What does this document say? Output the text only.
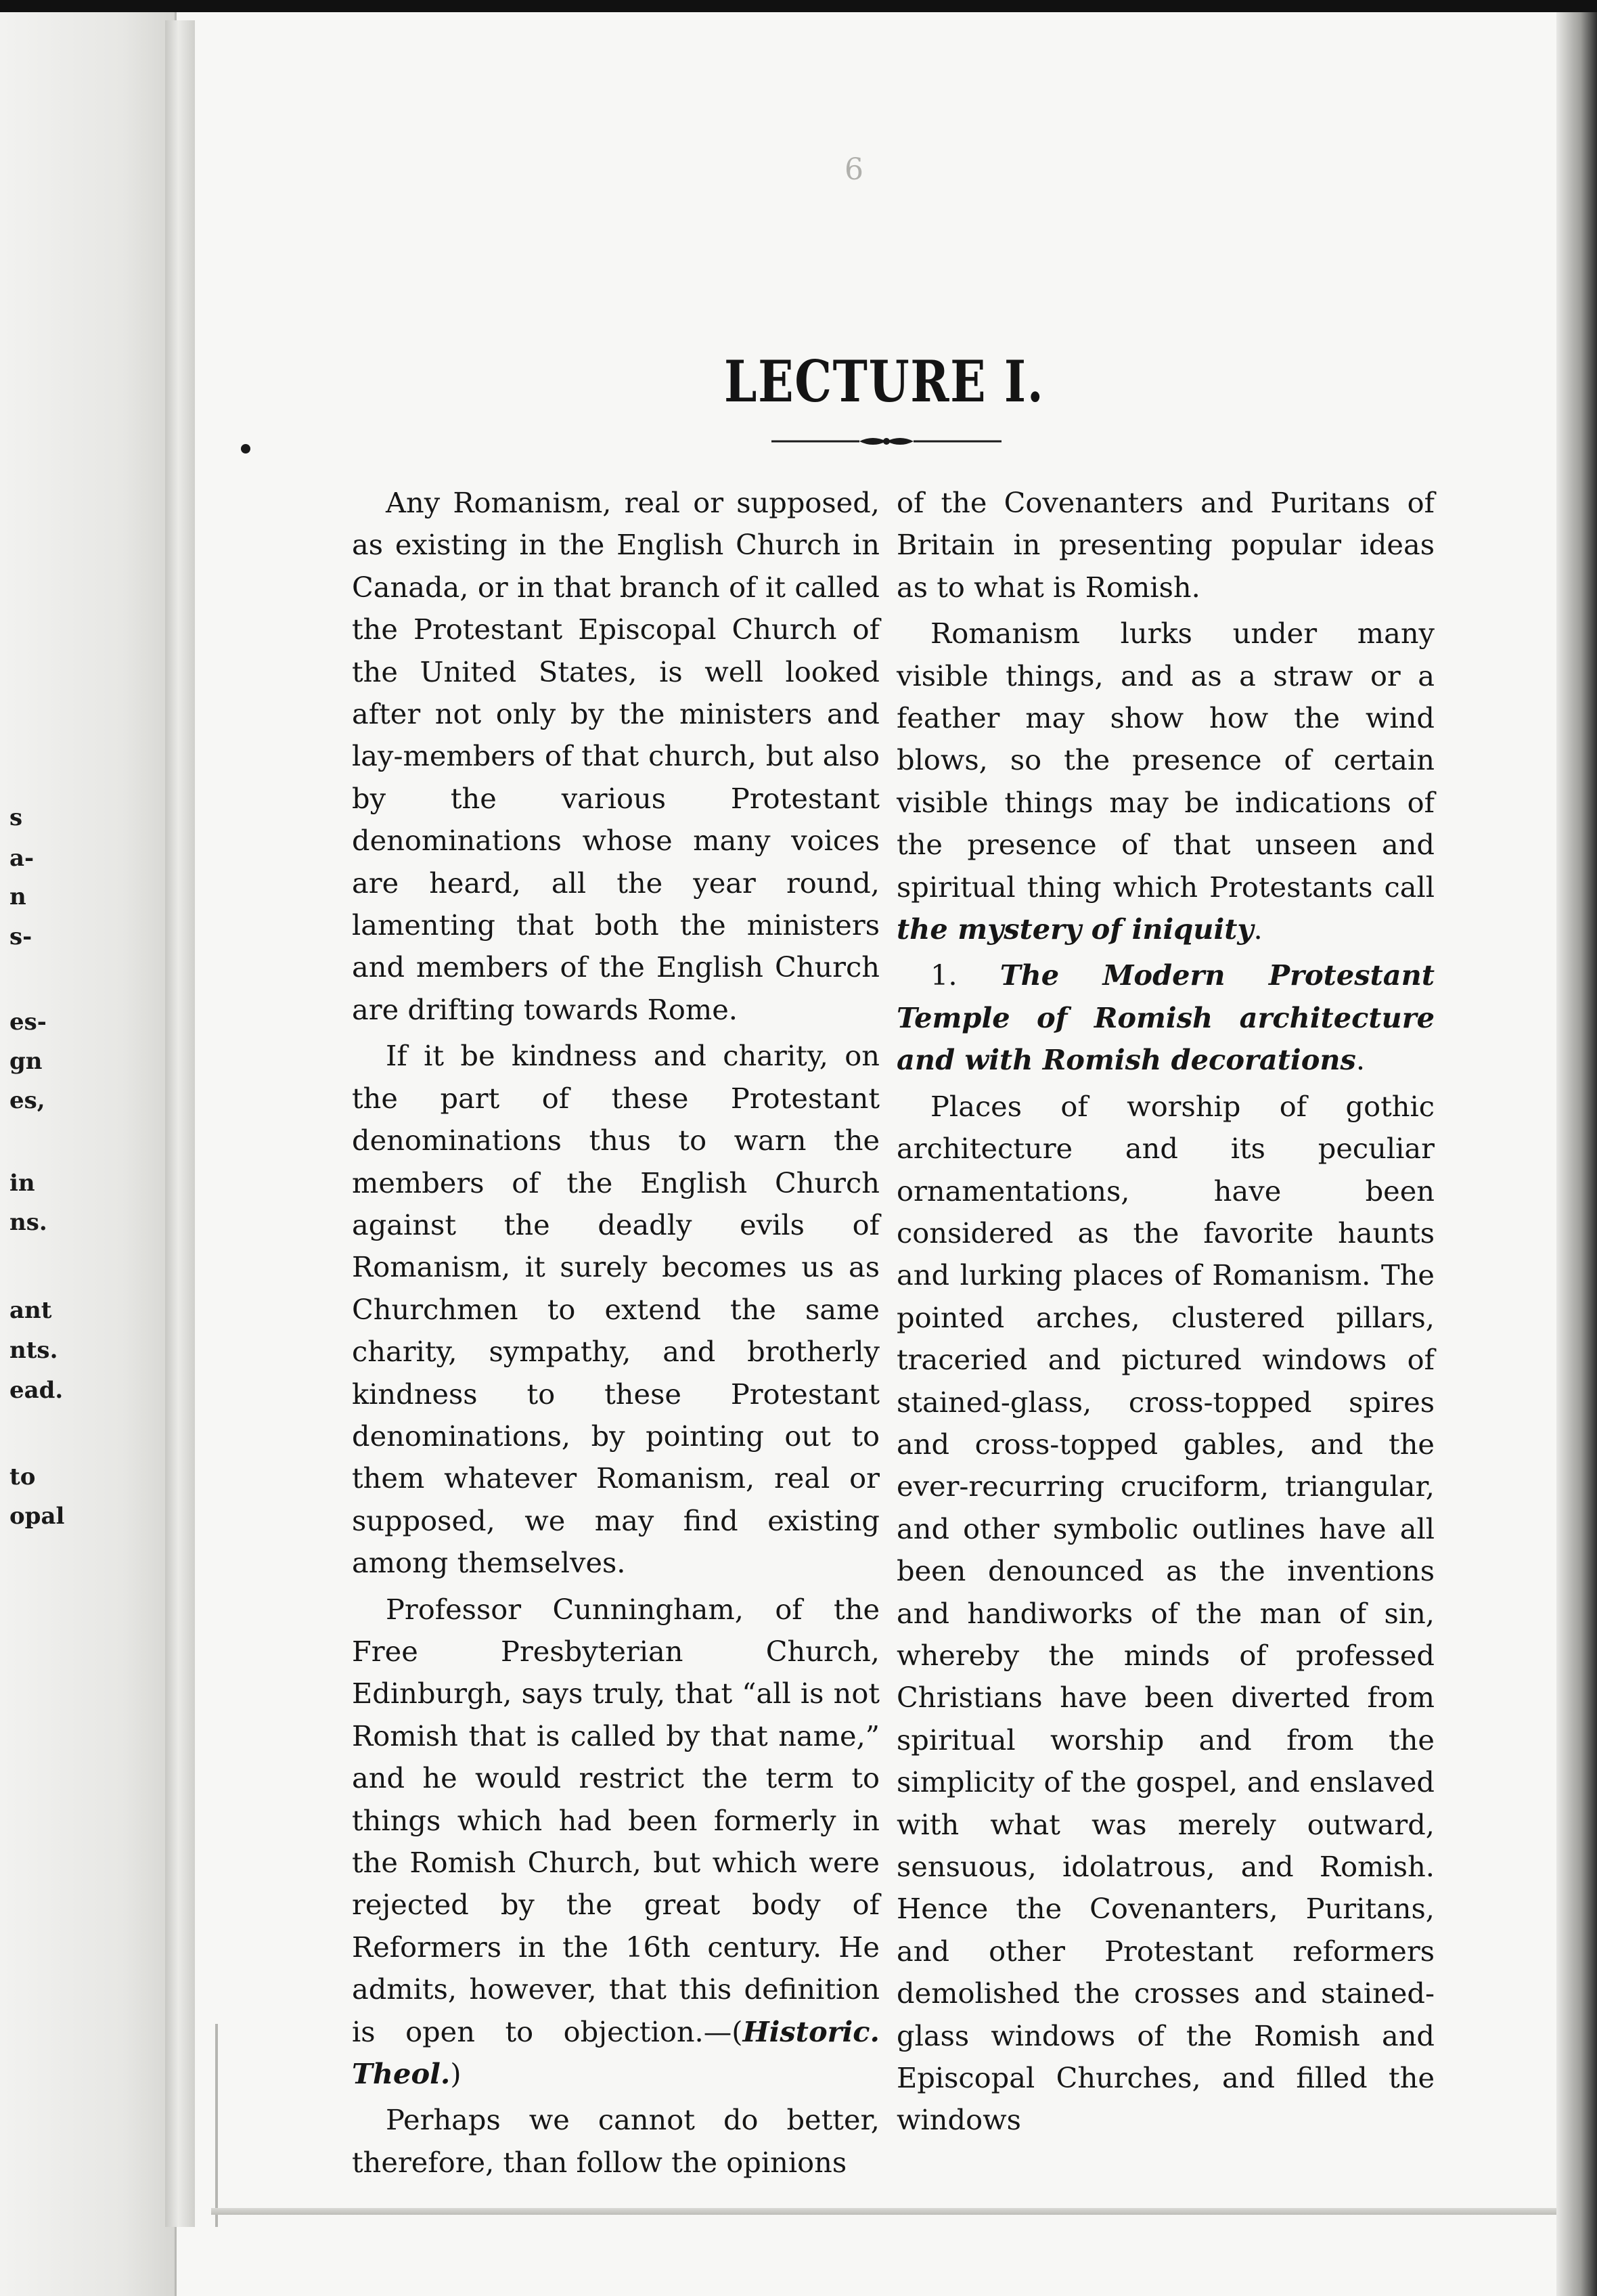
s
a-
n
s-
es-
gn
es,
in
ns.
ant
nts.
ead.
to
opal
6
LECTURE I.

Any Romanism, real or supposed, as existing in the English Church in Canada, or in that branch of it called the Protestant Episcopal Church of the United States, is well looked after not only by the ministers and lay-members of that church, but also by the various Protestant denominations whose many voices are heard, all the year round, lamenting that both the ministers and members of the English Church are drifting towards Rome.

If it be kindness and charity, on the part of these Protestant denominations thus to warn the members of the English Church against the deadly evils of Romanism, it surely becomes us as Churchmen to extend the same charity, sympathy, and brotherly kindness to these Protestant denominations, by pointing out to them whatever Romanism, real or supposed, we may find existing among themselves.

Professor Cunningham, of the Free Presbyterian Church, Edinburgh, says truly, that “all is not Romish that is called by that name,” and he would restrict the term to things which had been formerly in the Romish Church, but which were rejected by the great body of Reformers in the 16th century. He admits, however, that this definition is open to objection.—(Historic. Theol.)

Perhaps we cannot do better, therefore, than follow the opinions

of the Covenanters and Puritans of Britain in presenting popular ideas as to what is Romish.

Romanism lurks under many visible things, and as a straw or a feather may show how the wind blows, so the presence of certain visible things may be indications of the presence of that unseen and spiritual thing which Protestants call the mystery of iniquity.

1. The Modern Protestant Temple of Romish architecture and with Romish decorations.

Places of worship of gothic architecture and its peculiar ornamentations, have been considered as the favorite haunts and lurking places of Romanism. The pointed arches, clustered pillars, traceried and pictured windows of stained-glass, cross-topped spires and cross-topped gables, and the ever-recurring cruciform, triangular, and other symbolic outlines have all been denounced as the inventions and handiworks of the man of sin, whereby the minds of professed Christians have been diverted from spiritual worship and from the simplicity of the gospel, and enslaved with what was merely outward, sensuous, idolatrous, and Romish. Hence the Covenanters, Puritans, and other Protestant reformers demolished the crosses and stained-glass windows of the Romish and Episcopal Churches, and filled the windows
